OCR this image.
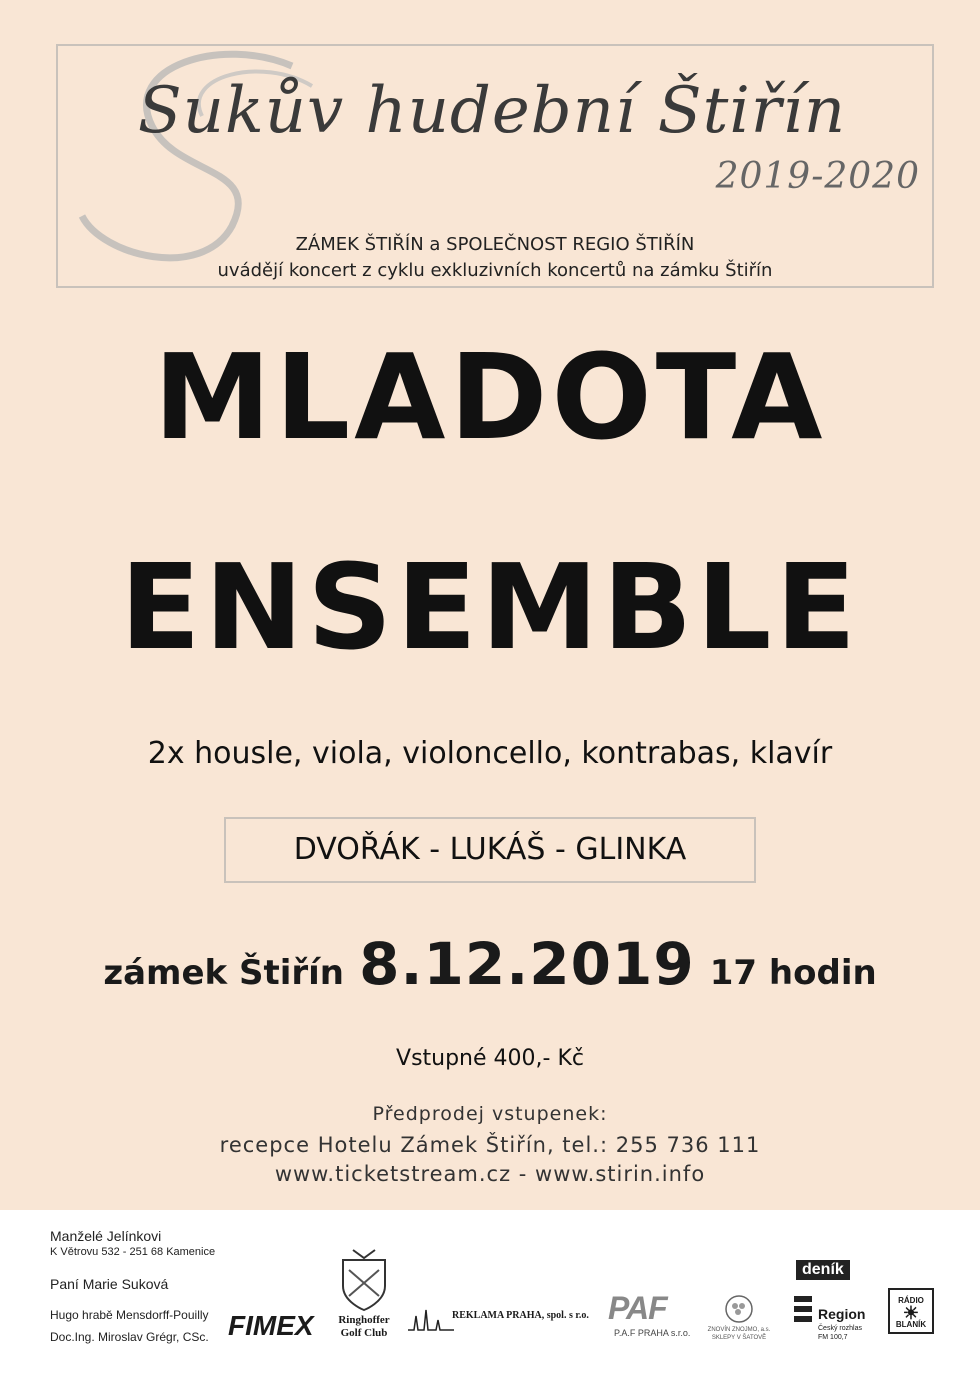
Sukův hudební Štiřín
2019-2020
ZÁMEK ŠTIŘÍN a SPOLEČNOST REGIO ŠTIŘÍN
uvádějí koncert z cyklu exkluzivních koncertů na zámku Štiřín
MLADOTA
ENSEMBLE
2x housle, viola, violoncello, kontrabas, klavír
DVOŘÁK - LUKÁŠ - GLINKA
zámek Štiřín 8.12.2019 17 hodin
Vstupné 400,- Kč
Předprodej vstupenek:
recepce Hotelu Zámek Štiřín, tel.: 255 736 111
www.ticketstream.cz - www.stirin.info
Manželé Jelínkovi
K Větrovu 532 - 251 68 Kamenice
Paní Marie Suková
Hugo hrabě Mensdorff-Pouilly
Doc.Ing. Miroslav Grégr, CSc. FIMEX	Ringhoffer
Golf Club
REKLAMA PRAHA, spol. s r.o. PAF
P.A.F PRAHA s.r.o.	ZNOVÍN ZNOJMO, a.s.
SKLEPY V ŠATOVĚ
deník
Region
Český rozhlas
FM 100,7
RÁDIO
☀
BLANÍK
